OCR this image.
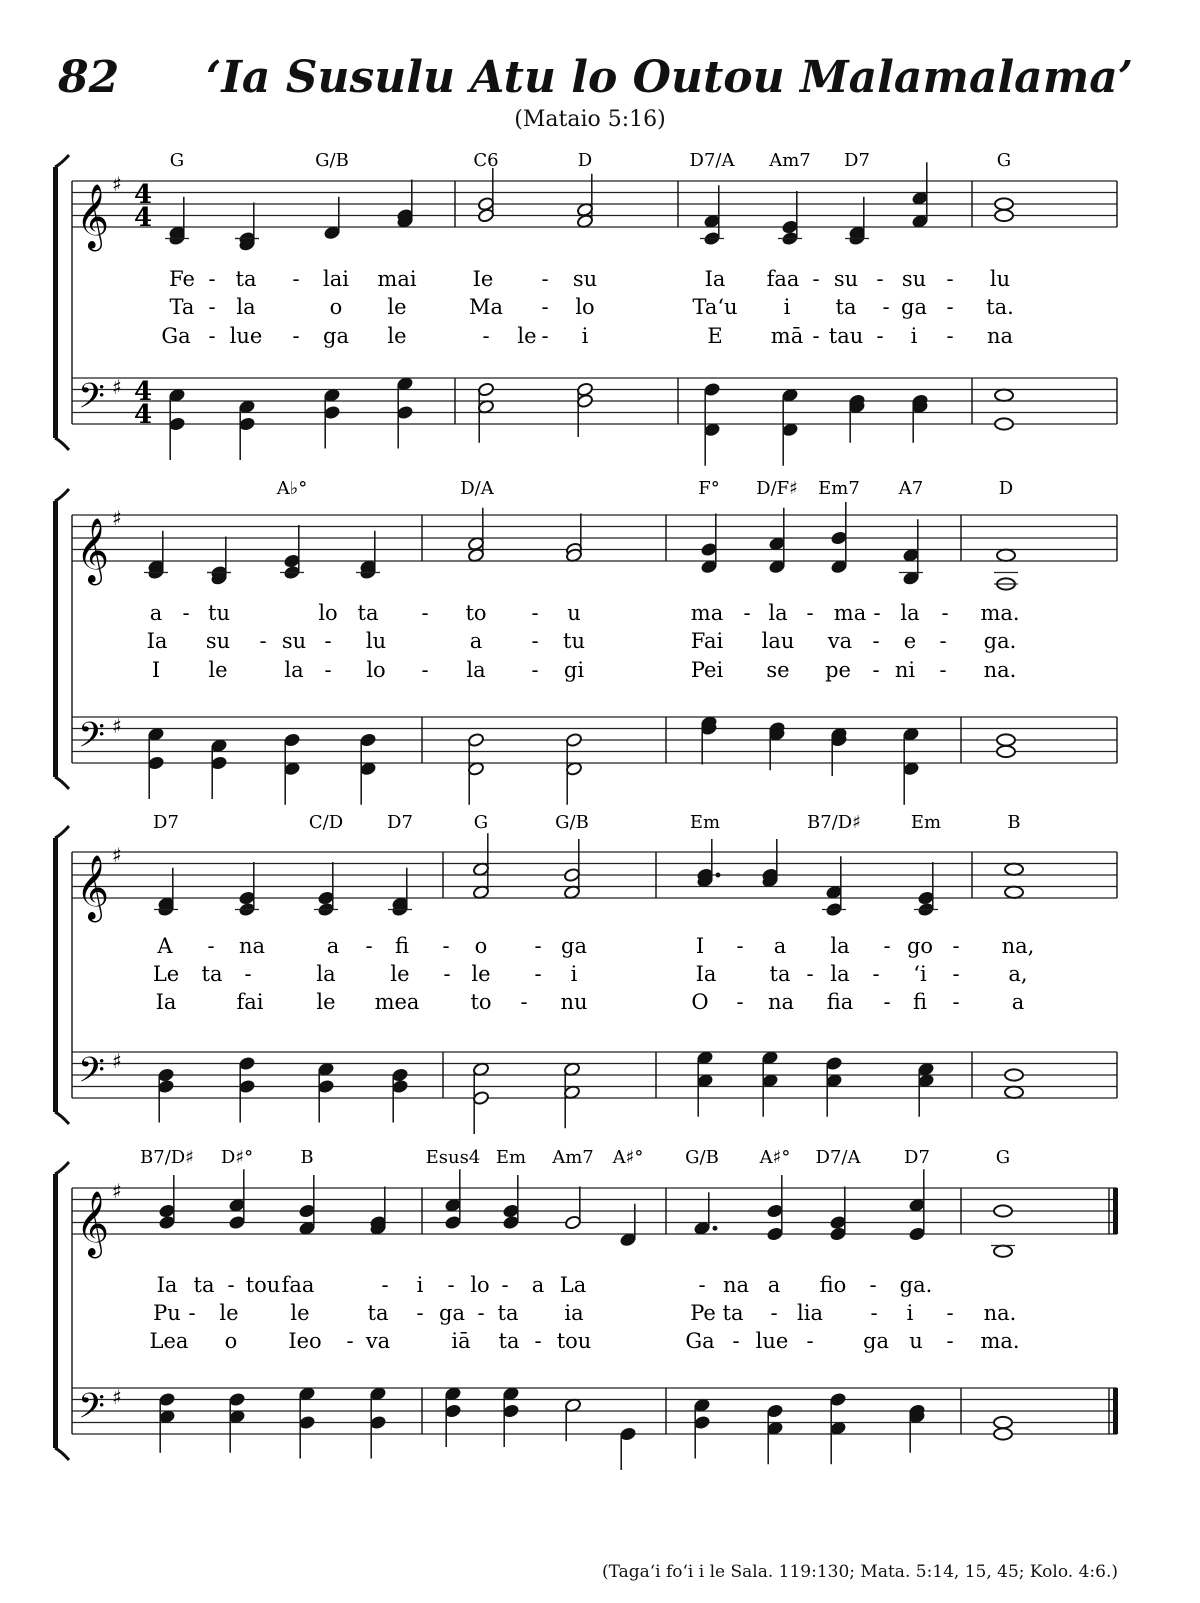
82 ‘Ia Susulu Atu lo Outou Malamalama’
(Mataio 5:16)
𝄞
𝄢
♯
♯
4
4
4
4
G	G/B	C6	D	D7/A Am7 D7	G
Fe - ta - lai mai	Ie - su	Ia faa - su - su - lu
Ta - la	o le	Ma - lo	Ta‘u i ta - ga - ta.
Ga - lue - ga le	- le - i	E mā - tau - i - na
𝄞
𝄢
♯
♯
A♭°	D/A	F° D/F♯ Em7 A7	D
a - tu	lo ta - to - u	ma - la - ma - la - ma.
Ia su - su - lu	a - tu	Fai lau va - e - ga.
I le	la - lo - la - gi	Pei se pe - ni - na.
𝄞
𝄢
♯
♯
D7	C/D D7	G	G/B	Em	B7/D♯	Em	B
A - na	a - fi - o - ga	I - a la - go - na,
Le ta -	la	le - le - i	Ia	ta - la - ‘i - a,
Ia	fai	le mea to - nu	O - na fia - fi - a
𝄞
𝄢
♯
♯
B7/D♯ D♯°	B	Esus4 Em Am7 A♯° G/B A♯° D7/A D7	G
Ia ta - tou faa	- i - lo - a La	- na a fio - ga.
Pu - le le	ta - ga - ta ia	Pe ta - lia - i - na.
Lea o Ieo - va	iā ta - tou	Ga - lue - ga u - ma.
(Taga‘i fo‘i i le Sala. 119:130; Mata. 5:14, 15, 45; Kolo. 4:6.)
